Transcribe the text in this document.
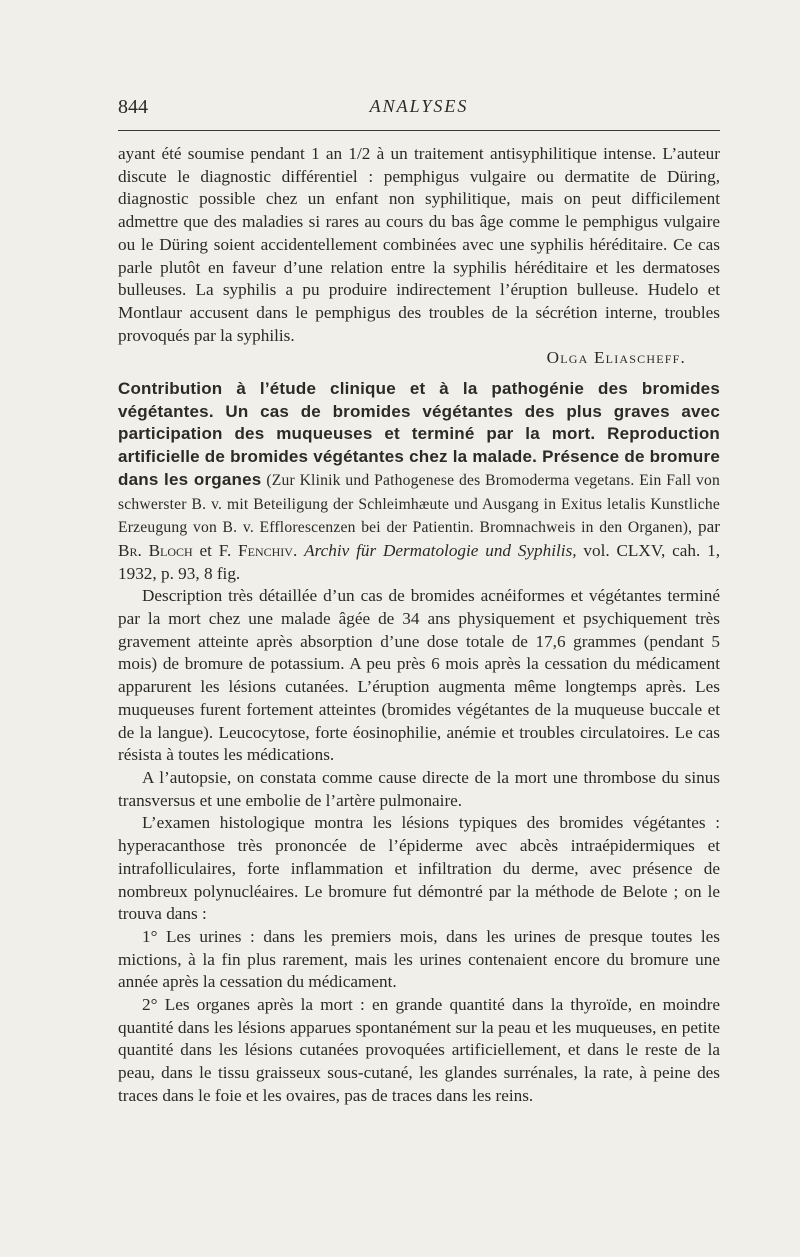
844	ANALYSES

ayant été soumise pendant 1 an 1/2 à un traitement antisyphilitique intense. L’auteur discute le diagnostic différentiel : pemphigus vulgaire ou dermatite de Düring, diagnostic possible chez un enfant non syphilitique, mais on peut difficilement admettre que des maladies si rares au cours du bas âge comme le pemphigus vulgaire ou le Düring soient accidentellement combinées avec une syphilis héréditaire. Ce cas parle plutôt en faveur d’une relation entre la syphilis héréditaire et les dermatoses bulleuses. La syphilis a pu produire indirectement l’éruption bulleuse. Hudelo et Montlaur accusent dans le pemphigus des troubles de la sécrétion interne, troubles provoqués par la syphilis.

Olga Eliascheff.

Contribution à l’étude clinique et à la pathogénie des bromides végétantes. Un cas de bromides végétantes des plus graves avec participation des muqueuses et terminé par la mort. Reproduction artificielle de bromides végétantes chez la malade. Présence de bromure dans les organes (Zur Klinik und Pathogenese des Bromoderma vegetans. Ein Fall von schwerster B. v. mit Beteiligung der Schleimhæute und Ausgang in Exitus letalis Kunstliche Erzeugung von B. v. Efflorescenzen bei der Patientin. Bromnachweis in den Organen), par Br. Bloch et F. Fenchiv. Archiv für Dermatologie und Syphilis, vol. CLXV, cah. 1, 1932, p. 93, 8 fig.

Description très détaillée d’un cas de bromides acnéiformes et végétantes terminé par la mort chez une malade âgée de 34 ans physiquement et psychiquement très gravement atteinte après absorption d’une dose totale de 17,6 grammes (pendant 5 mois) de bromure de potassium. A peu près 6 mois après la cessation du médicament apparurent les lésions cutanées. L’éruption augmenta même longtemps après. Les muqueuses furent fortement atteintes (bromides végétantes de la muqueuse buccale et de la langue). Leucocytose, forte éosinophilie, anémie et troubles circulatoires. Le cas résista à toutes les médications.

A l’autopsie, on constata comme cause directe de la mort une thrombose du sinus transversus et une embolie de l’artère pulmonaire.

L’examen histologique montra les lésions typiques des bromides végétantes : hyperacanthose très prononcée de l’épiderme avec abcès intraépidermiques et intrafolliculaires, forte inflammation et infiltration du derme, avec présence de nombreux polynucléaires. Le bromure fut démontré par la méthode de Belote ; on le trouva dans :

1° Les urines : dans les premiers mois, dans les urines de presque toutes les mictions, à la fin plus rarement, mais les urines contenaient encore du bromure une année après la cessation du médicament.

2° Les organes après la mort : en grande quantité dans la thyroïde, en moindre quantité dans les lésions apparues spontanément sur la peau et les muqueuses, en petite quantité dans les lésions cutanées provoquées artificiellement, et dans le reste de la peau, dans le tissu graisseux sous-cutané, les glandes surrénales, la rate, à peine des traces dans le foie et les ovaires, pas de traces dans les reins.
